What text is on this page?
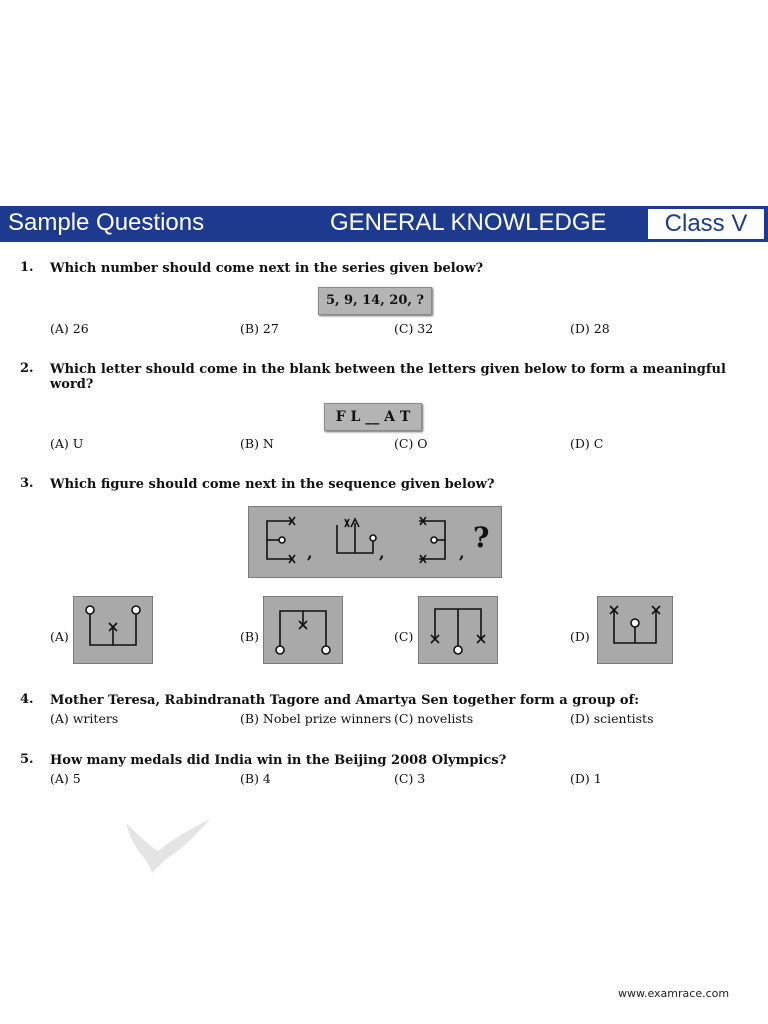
Sample Questions	GENERAL KNOWLEDGE	Class V
1. Which number should come next in the series given below?
5, 9, 14, 20, ?
(A) 26	(B) 27	(C) 32	(D) 28
2. Which letter should come in the blank between the letters given below to form a meaningful
word?
F L __ A T
(A) U	(B) N	(C) O	(D) C
3. Which figure should come next in the sequence given below?
,	,	, ?
(A)	(B)	(C)	(D)
4. Mother Teresa, Rabindranath Tagore and Amartya Sen together form a group of:
(A) writers	(B) Nobel prize winners (C) novelists	(D) scientists
5. How many medals did India win in the Beijing 2008 Olympics?
(A) 5	(B) 4	(C) 3	(D) 1
www.examrace.com
